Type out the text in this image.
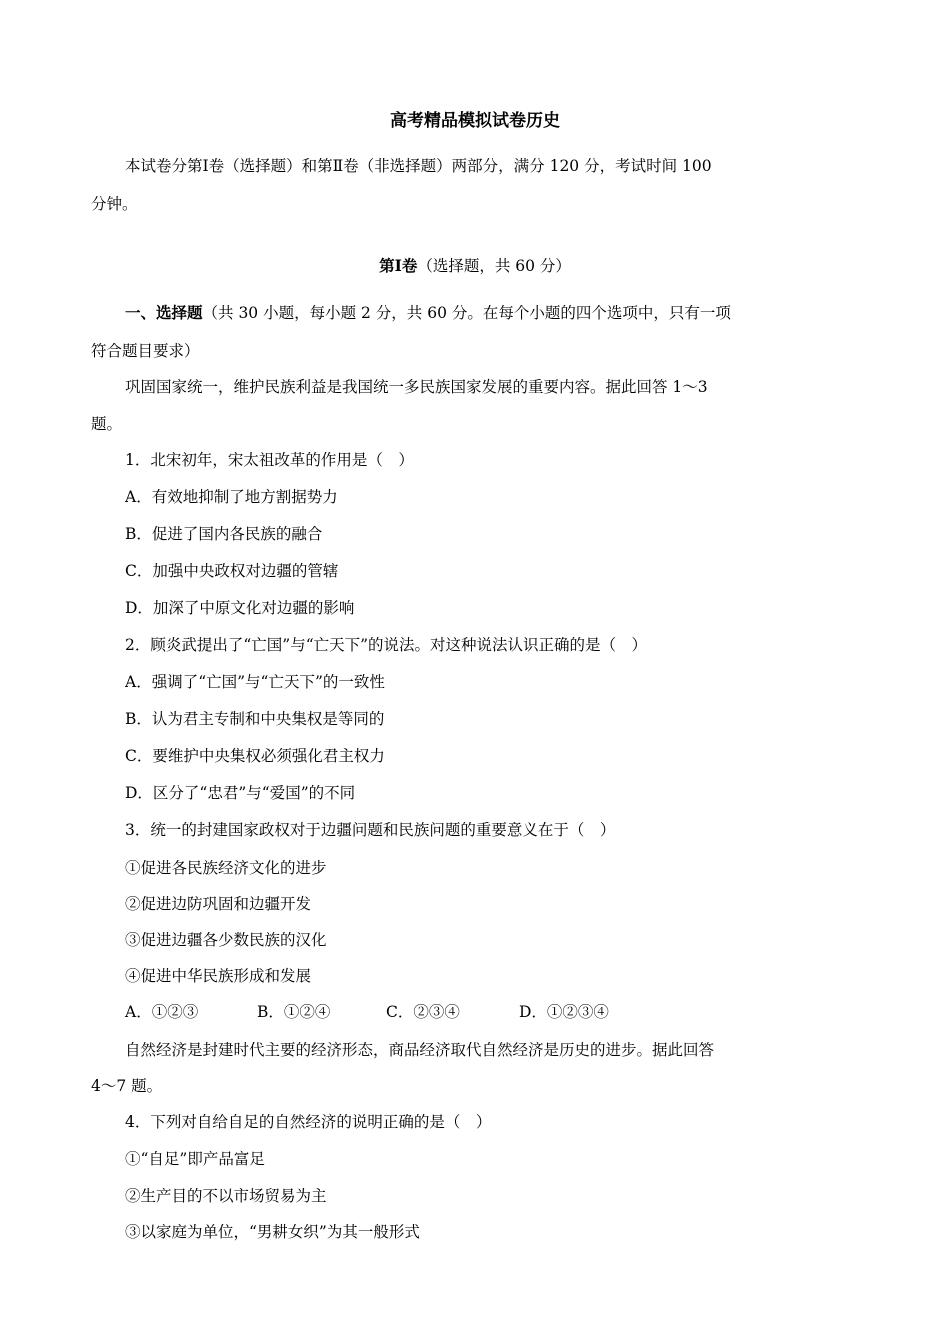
高考精品模拟试卷历史
本试卷分第Ⅰ卷（选择题）和第Ⅱ卷（非选择题）两部分，满分 120 分，考试时间 100
分钟。
第Ⅰ卷（选择题，共 60 分）
一、选择题（共 30 小题，每小题 2 分，共 60 分。在每个小题的四个选项中，只有一项
符合题目要求）
巩固国家统一，维护民族利益是我国统一多民族国家发展的重要内容。据此回答 1～3
题。
1．北宋初年，宋太祖改革的作用是（　）
A．有效地抑制了地方割据势力
B．促进了国内各民族的融合
C．加强中央政权对边疆的管辖
D．加深了中原文化对边疆的影响
2．顾炎武提出了“亡国”与“亡天下”的说法。对这种说法认识正确的是（　）
A．强调了“亡国”与“亡天下”的一致性
B．认为君主专制和中央集权是等同的
C．要维护中央集权必须强化君主权力
D．区分了“忠君”与“爱国”的不同
3．统一的封建国家政权对于边疆问题和民族问题的重要意义在于（　）
①促进各民族经济文化的进步
②促进边防巩固和边疆开发
③促进边疆各少数民族的汉化
④促进中华民族形成和发展
A．①②③	B．①②④	C．②③④	D．①②③④
自然经济是封建时代主要的经济形态，商品经济取代自然经济是历史的进步。据此回答
4～7 题。
4．下列对自给自足的自然经济的说明正确的是（　）
①“自足”即产品富足
②生产目的不以市场贸易为主
③以家庭为单位，“男耕女织”为其一般形式
